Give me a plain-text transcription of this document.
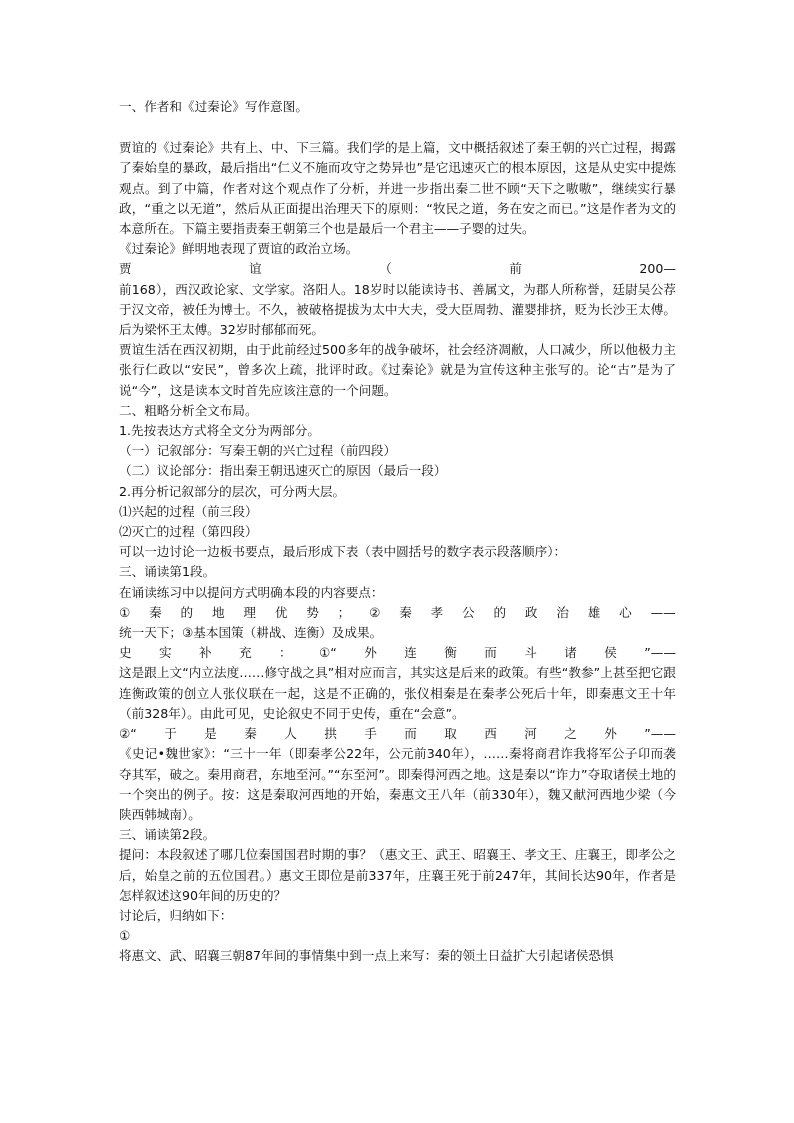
一、作者和《过秦论》写作意图。

贾谊的《过秦论》共有上、中、下三篇。我们学的是上篇，文中概括叙述了秦王朝的兴亡过程，揭露了秦始皇的暴政，最后指出“仁义不施而攻守之势异也”是它迅速灭亡的根本原因，这是从史实中提炼观点。到了中篇，作者对这个观点作了分析，并进一步指出秦二世不顾“天下之嗷嗷”，继续实行暴政，“重之以无道”，然后从正面提出治理天下的原则：“牧民之道，务在安之而已。”这是作者为文的本意所在。下篇主要指责秦王朝第三个也是最后一个君主——子婴的过失。

《过秦论》鲜明地表现了贾谊的政治立场。

贾	谊	（	前	200—

前168），西汉政论家、文学家。洛阳人。18岁时以能读诗书、善属文，为郡人所称誉，廷尉吴公荐于汉文帝，被任为博士。不久，被破格提拔为太中大夫，受大臣周勃、灌婴排挤，贬为长沙王太傅。后为梁怀王太傅。32岁时郁郁而死。

贾谊生活在西汉初期，由于此前经过500多年的战争破坏，社会经济凋敝，人口减少，所以他极力主张行仁政以“安民”，曾多次上疏，批评时政。《过秦论》就是为宣传这种主张写的。论“古”是为了说“今”，这是读本文时首先应该注意的一个问题。

二、粗略分析全文布局。

1.先按表达方式将全文分为两部分。

（一）记叙部分：写秦王朝的兴亡过程（前四段）

（二）议论部分：指出秦王朝迅速灭亡的原因（最后一段）

2.再分析记叙部分的层次，可分两大层。

⑴兴起的过程（前三段）

⑵灭亡的过程（第四段）

可以一边讨论一边板书要点，最后形成下表（表中圆括号的数字表示段落顺序）：

三、诵读第1段。

在诵读练习中以提问方式明确本段的内容要点：

① 秦 的 地 理 优 势 ； ② 秦 孝 公 的 政 治 雄 心 ——

统一天下；③基本国策（耕战、连衡）及成果。

史 实 补 充 ： ①“ 外 连 衡 而 斗 诸 侯 ”——

这是跟上文“内立法度……修守战之具”相对应而言，其实这是后来的政策。有些“教参”上甚至把它跟连衡政策的创立人张仪联在一起，这是不正确的，张仪相秦是在秦孝公死后十年，即秦惠文王十年（前328年）。由此可见，史论叙史不同于史传，重在“会意”。

②“ 于 是 秦 人 拱 手 而 取 西 河 之 外 ”——

《史记•魏世家》：“三十一年（即秦孝公22年，公元前340年），……秦将商君诈我将军公子卬而袭夺其军，破之。秦用商君，东地至河。”“东至河”。即秦得河西之地。这是秦以“诈力”夺取诸侯土地的一个突出的例子。按：这是秦取河西地的开始，秦惠文王八年（前330年），魏又献河西地少梁（今陕西韩城南）。

三、诵读第2段。

提问：本段叙述了哪几位秦国国君时期的事？（惠文王、武王、昭襄王、孝文王、庄襄王，即孝公之后，始皇之前的五位国君。）惠文王即位是前337年，庄襄王死于前247年，其间长达90年，作者是怎样叙述这90年间的历史的？

讨论后，归纳如下：

①

将惠文、武、昭襄三朝87年间的事情集中到一点上来写：秦的领土日益扩大引起诸侯恐惧
